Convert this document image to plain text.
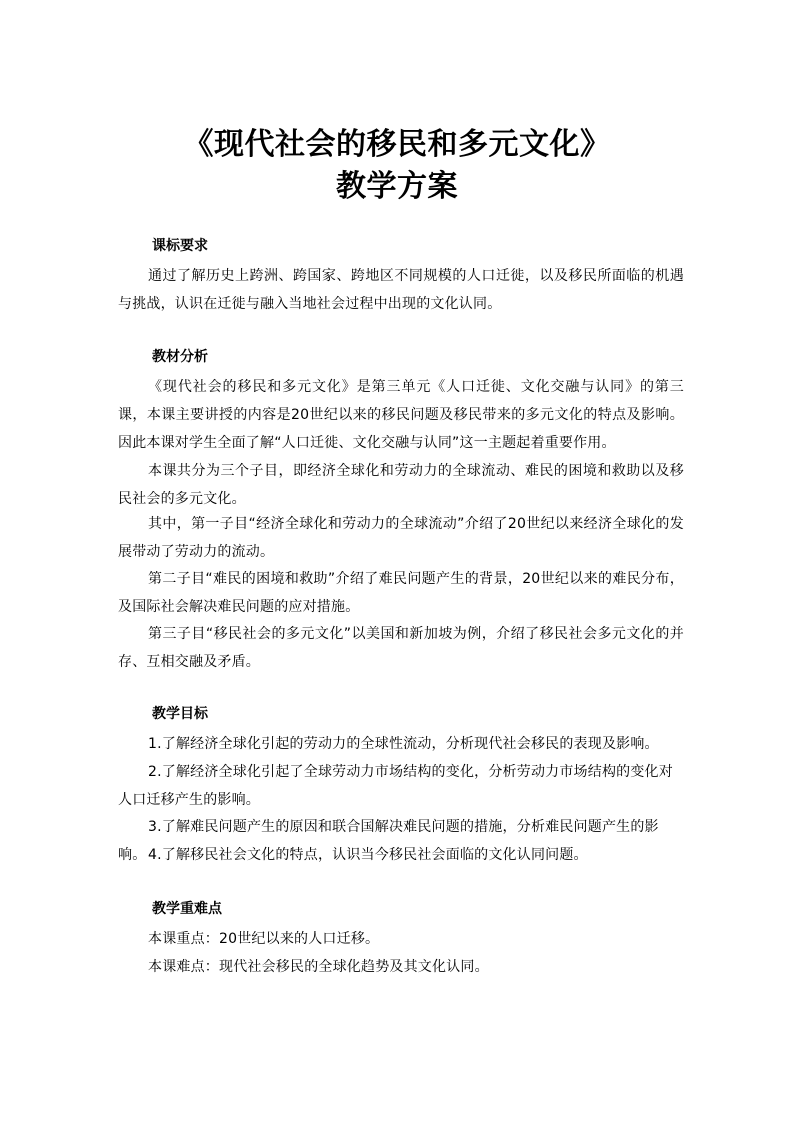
《现代社会的移民和多元文化》
教学方案
课标要求

通过了解历史上跨洲、跨国家、跨地区不同规模的人口迁徙，以及移民所面临的机遇与挑战，认识在迁徙与融入当地社会过程中出现的文化认同。

教材分析

《现代社会的移民和多元文化》是第三单元《人口迁徙、文化交融与认同》的第三课，本课主要讲授的内容是20世纪以来的移民问题及移民带来的多元文化的特点及影响。因此本课对学生全面了解“人口迁徙、文化交融与认同”这一主题起着重要作用。

本课共分为三个子目，即经济全球化和劳动力的全球流动、难民的困境和救助以及移民社会的多元文化。

其中，第一子目“经济全球化和劳动力的全球流动”介绍了20世纪以来经济全球化的发展带动了劳动力的流动。

第二子目“难民的困境和救助”介绍了难民问题产生的背景，20世纪以来的难民分布，及国际社会解决难民问题的应对措施。

第三子目“移民社会的多元文化”以美国和新加坡为例，介绍了移民社会多元文化的并存、互相交融及矛盾。

教学目标

1.了解经济全球化引起的劳动力的全球性流动，分析现代社会移民的表现及影响。

2.了解经济全球化引起了全球劳动力市场结构的变化，分析劳动力市场结构的变化对人口迁移产生的影响。

3.了解难民问题产生的原因和联合国解决难民问题的措施，分析难民问题产生的影响。 4.了解移民社会文化的特点，认识当今移民社会面临的文化认同问题。

教学重难点

本课重点：20世纪以来的人口迁移。

本课难点：现代社会移民的全球化趋势及其文化认同。
